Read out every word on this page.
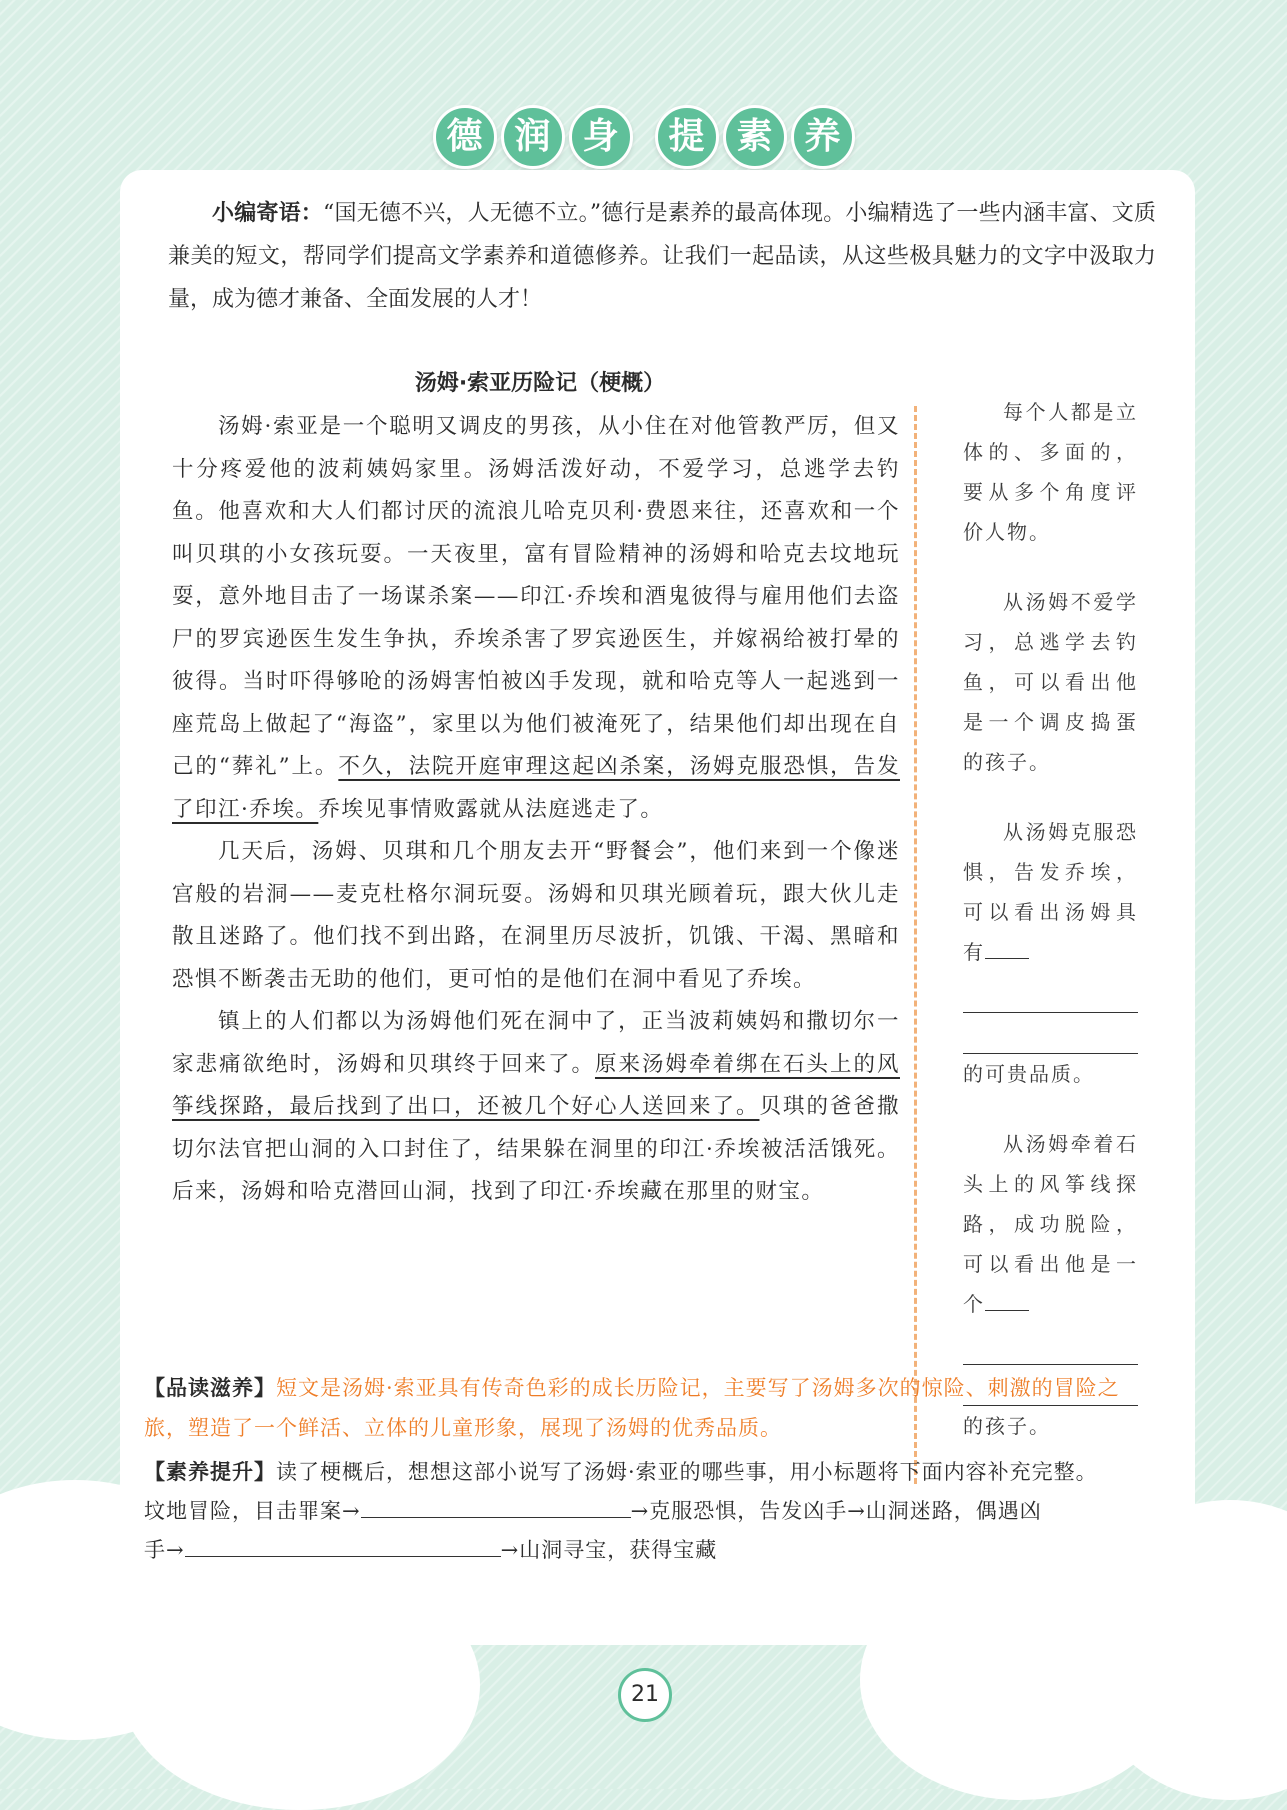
德 润 身	提 素 养
小编寄语：“国无德不兴，人无德不立。”德行是素养的最高体现。小编精选了一些内涵丰富、文质兼美的短文，帮同学们提高文学素养和道德修养。让我们一起品读，从这些极具魅力的文字中汲取力量，成为德才兼备、全面发展的人才！
汤姆·索亚历险记（梗概）

汤姆·索亚是一个聪明又调皮的男孩，从小住在对他管教严厉，但又十分疼爱他的波莉姨妈家里。汤姆活泼好动，不爱学习，总逃学去钓鱼。他喜欢和大人们都讨厌的流浪儿哈克贝利·费恩来往，还喜欢和一个叫贝琪的小女孩玩耍。一天夜里，富有冒险精神的汤姆和哈克去坟地玩耍，意外地目击了一场谋杀案——印江·乔埃和酒鬼彼得与雇用他们去盗尸的罗宾逊医生发生争执，乔埃杀害了罗宾逊医生，并嫁祸给被打晕的彼得。当时吓得够呛的汤姆害怕被凶手发现，就和哈克等人一起逃到一座荒岛上做起了“海盗”，家里以为他们被淹死了，结果他们却出现在自己的“葬礼”上。不久，法院开庭审理这起凶杀案，汤姆克服恐惧，告发了印江·乔埃。乔埃见事情败露就从法庭逃走了。

几天后，汤姆、贝琪和几个朋友去开“野餐会”，他们来到一个像迷宫般的岩洞——麦克杜格尔洞玩耍。汤姆和贝琪光顾着玩，跟大伙儿走散且迷路了。他们找不到出路，在洞里历尽波折，饥饿、干渴、黑暗和恐惧不断袭击无助的他们，更可怕的是他们在洞中看见了乔埃。

镇上的人们都以为汤姆他们死在洞中了，正当波莉姨妈和撒切尔一家悲痛欲绝时，汤姆和贝琪终于回来了。原来汤姆牵着绑在石头上的风筝线探路，最后找到了出口，还被几个好心人送回来了。贝琪的爸爸撒切尔法官把山洞的入口封住了，结果躲在洞里的印江·乔埃被活活饿死。后来，汤姆和哈克潜回山洞，找到了印江·乔埃藏在那里的财宝。

每个人都是立体的、多面的，要从多个角度评价人物。

从汤姆不爱学习，总逃学去钓鱼，可以看出他是一个调皮捣蛋的孩子。

从汤姆克服恐惧，告发乔埃，可以看出汤姆具有

的可贵品质。

从汤姆牵着石头上的风筝线探路，成功脱险，可以看出他是一个

的孩子。

【品读滋养】短文是汤姆·索亚具有传奇色彩的成长历险记，主要写了汤姆多次的惊险、刺激的冒险之旅，塑造了一个鲜活、立体的儿童形象，展现了汤姆的优秀品质。

【素养提升】读了梗概后，想想这部小说写了汤姆·索亚的哪些事，用小标题将下面内容补充完整。

坟地冒险，目击罪案→	→克服恐惧，告发凶手→山洞迷路，偶遇凶

手→	→山洞寻宝，获得宝藏

21
